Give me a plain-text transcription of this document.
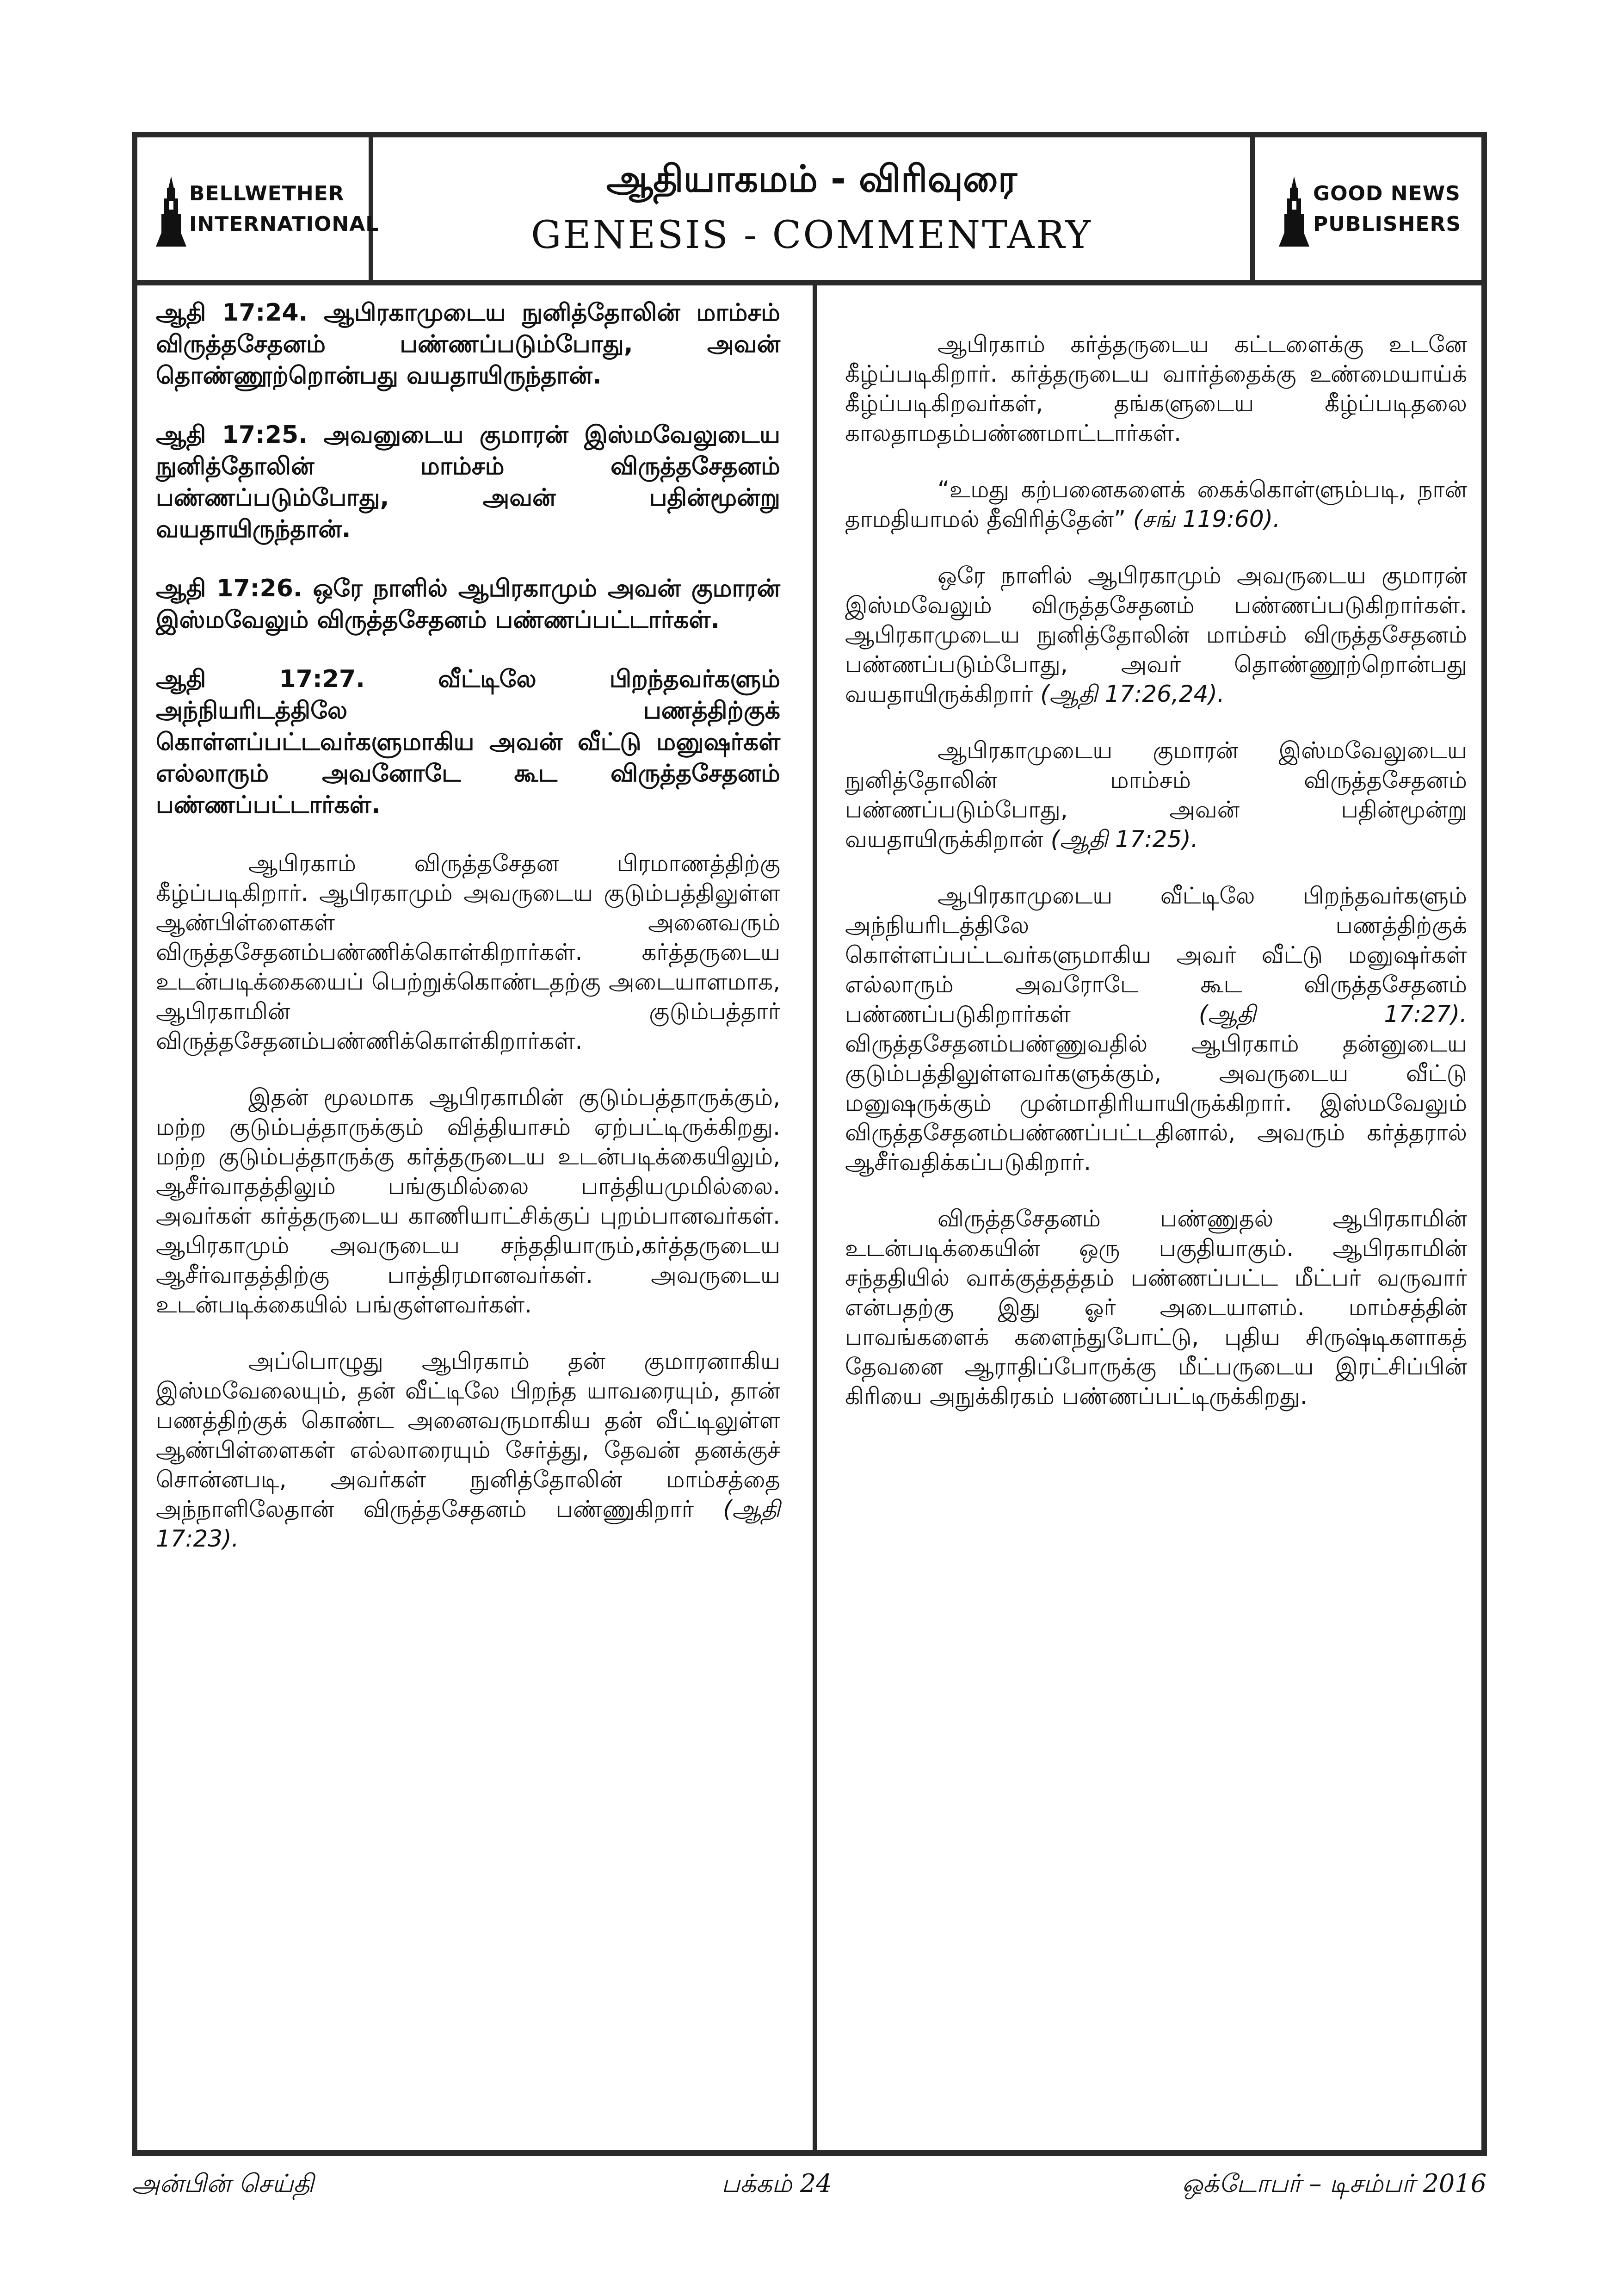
BELLWETHER
INTERNATIONAL
ஆதியாகமம் - விரிவுரை
GENESIS - COMMENTARY
GOOD NEWS
PUBLISHERS

ஆதி 17:24. ஆபிரகாமுடைய நுனித்தோலின் மாம்சம் விருத்தசேதனம் பண்ணப்படும்போது, அவன் தொண்ணூற்றொன்பது வயதாயிருந்தான்.

ஆதி 17:25. அவனுடைய குமாரன் இஸ்மவேலுடைய நுனித்தோலின் மாம்சம் விருத்தசேதனம் பண்ணப்படும்போது, அவன் பதின்மூன்று வயதாயிருந்தான்.

ஆதி 17:26. ஒரே நாளில் ஆபிரகாமும் அவன் குமாரன் இஸ்மவேலும் விருத்தசேதனம் பண்ணப்பட்டார்கள்.

ஆதி 17:27. வீட்டிலே பிறந்தவர்களும் அந்நியரிடத்திலே பணத்திற்குக் கொள்ளப்பட்டவர்களுமாகிய அவன் வீட்டு மனுஷர்கள் எல்லாரும் அவனோடே கூட விருத்தசேதனம் பண்ணப்பட்டார்கள்.

ஆபிரகாம் விருத்தசேதன பிரமாணத்திற்கு கீழ்ப்படிகிறார். ஆபிரகாமும் அவருடைய குடும்பத்திலுள்ள ஆண்பிள்ளைகள் அனைவரும் விருத்தசேதனம்பண்ணிக்கொள்கிறார்கள். கர்த்தருடைய உடன்படிக்கையைப் பெற்றுக்கொண்டதற்கு அடையாளமாக, ஆபிரகாமின் குடும்பத்தார் விருத்தசேதனம்பண்ணிக்கொள்கிறார்கள்.

இதன் மூலமாக ஆபிரகாமின் குடும்பத்தாருக்கும், மற்ற குடும்பத்தாருக்கும் வித்தியாசம் ஏற்பட்டிருக்கிறது. மற்ற குடும்பத்தாருக்கு கர்த்தருடைய உடன்படிக்கையிலும், ஆசீர்வாதத்திலும் பங்குமில்லை பாத்தியமுமில்லை. அவர்கள் கர்த்தருடைய காணியாட்சிக்குப் புறம்பானவர்கள். ஆபிரகாமும் அவருடைய சந்ததியாரும்,கர்த்தருடைய ஆசீர்வாதத்திற்கு பாத்திரமானவர்கள். அவருடைய உடன்படிக்கையில் பங்குள்ளவர்கள்.

அப்பொழுது ஆபிரகாம் தன் குமாரனாகிய இஸ்மவேலையும், தன் வீட்டிலே பிறந்த யாவரையும், தான் பணத்திற்குக் கொண்ட அனைவருமாகிய தன் வீட்டிலுள்ள ஆண்பிள்ளைகள் எல்லாரையும் சேர்த்து, தேவன் தனக்குச் சொன்னபடி, அவர்கள் நுனித்தோலின் மாம்சத்தை அந்நாளிலேதான் விருத்தசேதனம் பண்ணுகிறார் (ஆதி 17:23).

ஆபிரகாம் கர்த்தருடைய கட்டளைக்கு உடனே கீழ்ப்படிகிறார். கர்த்தருடைய வார்த்தைக்கு உண்மையாய்க் கீழ்ப்படிகிறவர்கள், தங்களுடைய கீழ்ப்படிதலை காலதாமதம்பண்ணமாட்டார்கள்.

“உமது கற்பனைகளைக் கைக்கொள்ளும்படி, நான் தாமதியாமல் தீவிரித்தேன்” (சங் 119:60).

ஒரே நாளில் ஆபிரகாமும் அவருடைய குமாரன் இஸ்மவேலும் விருத்தசேதனம் பண்ணப்படுகிறார்கள். ஆபிரகாமுடைய நுனித்தோலின் மாம்சம் விருத்தசேதனம் பண்ணப்படும்போது, அவர் தொண்ணூற்றொன்பது வயதாயிருக்கிறார் (ஆதி 17:26,24).

ஆபிரகாமுடைய குமாரன் இஸ்மவேலுடைய நுனித்தோலின் மாம்சம் விருத்தசேதனம் பண்ணப்படும்போது, அவன் பதின்மூன்று வயதாயிருக்கிறான் (ஆதி 17:25).

ஆபிரகாமுடைய வீட்டிலே பிறந்தவர்களும் அந்நியரிடத்திலே பணத்திற்குக் கொள்ளப்பட்டவர்களுமாகிய அவர் வீட்டு மனுஷர்கள் எல்லாரும் அவரோடே கூட விருத்தசேதனம் பண்ணப்படுகிறார்கள்	(ஆதி 17:27). விருத்தசேதனம்பண்ணுவதில் ஆபிரகாம் தன்னுடைய குடும்பத்திலுள்ளவர்களுக்கும், அவருடைய வீட்டு மனுஷருக்கும் முன்மாதிரியாயிருக்கிறார். இஸ்மவேலும் விருத்தசேதனம்பண்ணப்பட்டதினால், அவரும் கர்த்தரால் ஆசீர்வதிக்கப்படுகிறார்.

விருத்தசேதனம் பண்ணுதல் ஆபிரகாமின் உடன்படிக்கையின் ஒரு பகுதியாகும். ஆபிரகாமின் சந்ததியில் வாக்குத்தத்தம் பண்ணப்பட்ட மீட்பர் வருவார் என்பதற்கு இது ஓர் அடையாளம். மாம்சத்தின் பாவங்களைக் களைந்துபோட்டு, புதிய சிருஷ்டிகளாகத் தேவனை ஆராதிப்போருக்கு மீட்பருடைய இரட்சிப்பின் கிரியை அநுக்கிரகம் பண்ணப்பட்டிருக்கிறது.

அன்பின் செய்தி	பக்கம் 24	ஒக்டோபர் – டிசம்பர் 2016
